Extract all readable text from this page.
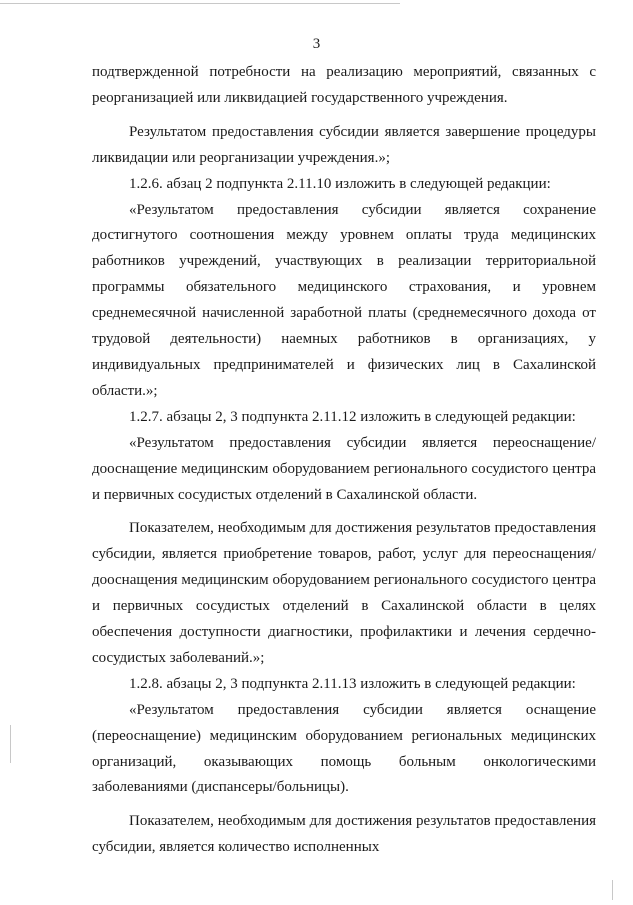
3

подтвержденной потребности на реализацию мероприятий, связанных с реорганизацией или ликвидацией государственного учреждения.

Результатом предоставления субсидии является завершение процедуры ликвидации или реорганизации учреждения.»;

1.2.6. абзац 2 подпункта 2.11.10 изложить в следующей редакции:

«Результатом предоставления субсидии является сохранение достигнутого соотношения между уровнем оплаты труда медицинских работников учреждений, участвующих в реализации территориальной программы обязательного медицинского страхования, и уровнем среднемесячной начисленной заработной платы (среднемесячного дохода от трудовой деятельности) наемных работников в организациях, у индивидуальных предпринимателей и физических лиц в Сахалинской области.»;

1.2.7. абзацы 2, 3 подпункта 2.11.12 изложить в следующей редакции:

«Результатом предоставления субсидии является переоснащение/ дооснащение медицинским оборудованием регионального сосудистого центра и первичных сосудистых отделений в Сахалинской области.

Показателем, необходимым для достижения результатов предоставления субсидии, является приобретение товаров, работ, услуг для переоснащения/дооснащения медицинским оборудованием регионального сосудистого центра и первичных сосудистых отделений в Сахалинской области в целях обеспечения доступности диагностики, профилактики и лечения сердечно-сосудистых заболеваний.»;

1.2.8. абзацы 2, 3 подпункта 2.11.13 изложить в следующей редакции:

«Результатом предоставления субсидии является оснащение (переоснащение) медицинским оборудованием региональных медицинских организаций, оказывающих помощь больным онкологическими заболеваниями (диспансеры/больницы).

Показателем, необходимым для достижения результатов предоставления субсидии, является количество исполненных
